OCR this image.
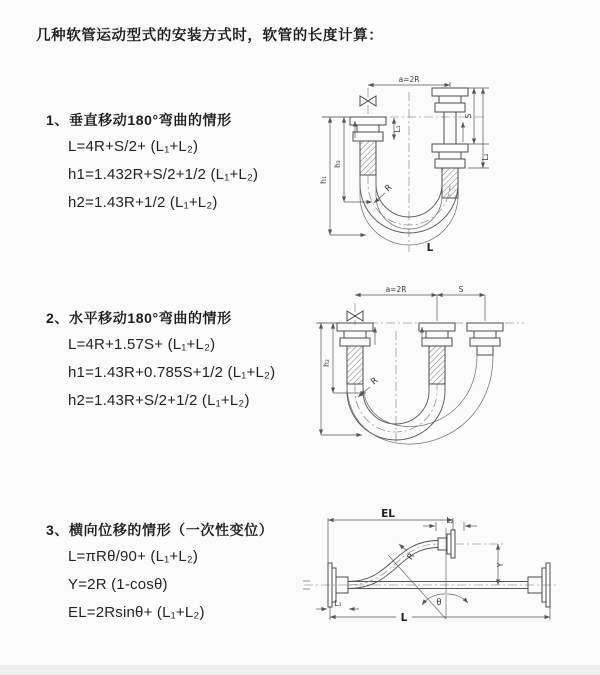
几种软管运动型式的安装方式时，软管的长度计算：
1、垂直移动180°弯曲的情形
L=4R+S/2+ (L₁+L₂)
h1=1.432R+S/2+1/2 (L₁+L₂)
h2=1.43R+1/2 (L₁+L₂)
2、水平移动180°弯曲的情形
L=4R+1.57S+ (L₁+L₂)
h1=1.43R+0.785S+1/2 (L₁+L₂)
h2=1.43R+S/2+1/2 (L₁+L₂)
3、横向位移的情形（一次性变位）
L=πRθ/90+ (L₁+L₂)
Y=2R (1-cosθ)
EL=2Rsinθ+ (L₁+L₂)
a=2R
L₁
S
L₂
h₂
h₁
R
L
a=2R	S
h₂
R
EL
L₂
θ
R
Y
L₁
L
